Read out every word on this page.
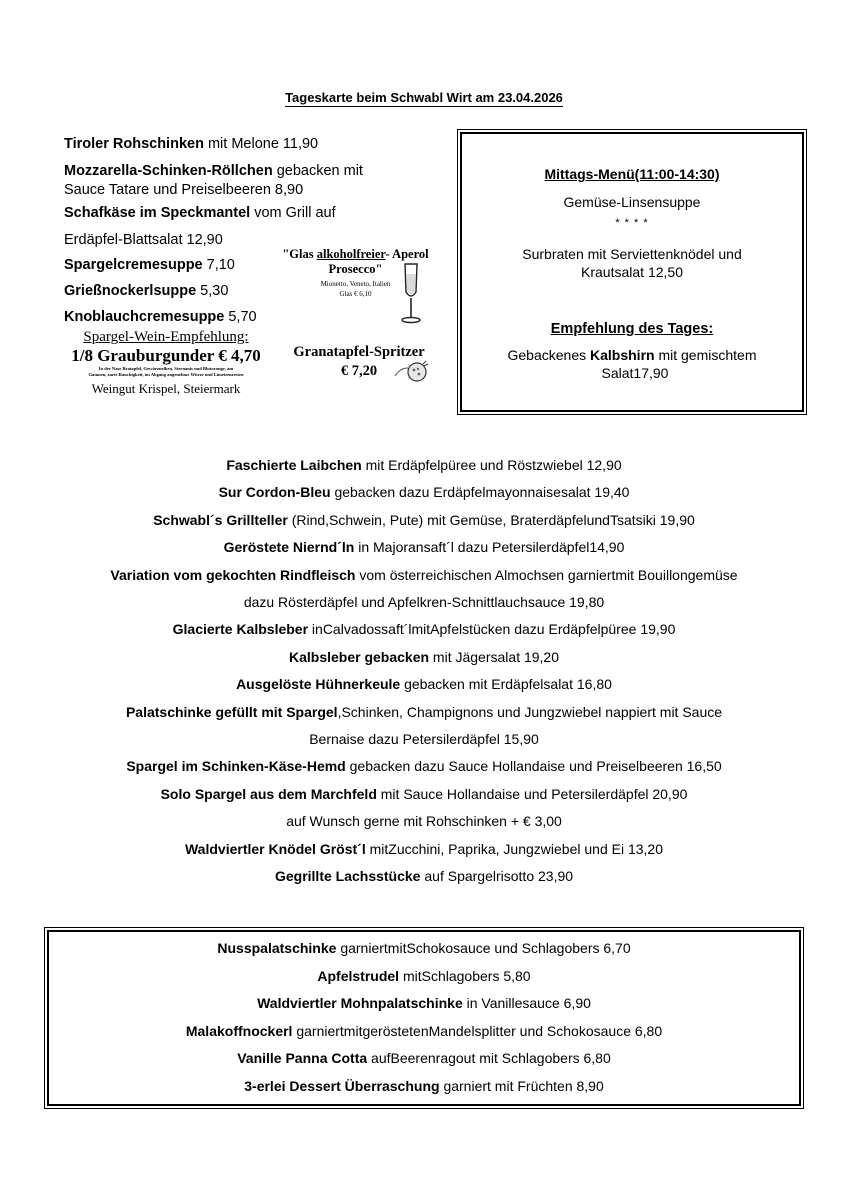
Tageskarte beim Schwabl Wirt am 23.04.2026
Tiroler Rohschinken mit Melone 11,90
Mozzarella-Schinken-Röllchen gebacken mit
Sauce Tatare und Preiselbeeren 8,90
Schafkäse im Speckmantel vom Grill auf
Erdäpfel-Blattsalat 12,90
Spargelcremesuppe 7,10
Grießnockerlsuppe 5,30
Knoblauchcremesuppe 5,70
"Glas alkoholfreier- Aperol
Prosecco"
Mionetto, Veneto, Italien
Glas € 6,10
Spargel-Wein-Empfehlung:
1/8 Grauburgunder € 4,70
In der Nase Bratapfel, Gewürznelken, Sternanis und Blutorange, am
Gaumen, zarte Rauchigkeit, im Abgang angenehme Würze und Limettenzesten
Weingut Krispel, Steiermark
Granatapfel-Spritzer
€ 7,20
Mittags-Menü(11:00-14:30)
Gemüse-Linsensuppe
* * * *
Surbraten mit Serviettenknödel und
Krautsalat 12,50
Empfehlung des Tages:
Gebackenes Kalbshirn mit gemischtem
Salat17,90
Faschierte Laibchen mit Erdäpfelpüree und Röstzwiebel 12,90
Sur Cordon-Bleu gebacken dazu Erdäpfelmayonnaisesalat 19,40
Schwabl´s Grillteller (Rind,Schwein, Pute) mit Gemüse, BraterdäpfelundTsatsiki 19,90
Geröstete Niernd´ln in Majoransaft´l dazu Petersilerdäpfel14,90
Variation vom gekochten Rindfleisch vom österreichischen Almochsen garniertmit Bouillongemüse
dazu Rösterdäpfel und Apfelkren-Schnittlauchsauce 19,80
Glacierte Kalbsleber inCalvadossaft´lmitApfelstücken dazu Erdäpfelpüree 19,90
Kalbsleber gebacken mit Jägersalat 19,20
Ausgelöste Hühnerkeule gebacken mit Erdäpfelsalat 16,80
Palatschinke gefüllt mit Spargel,Schinken, Champignons und Jungzwiebel nappiert mit Sauce
Bernaise dazu Petersilerdäpfel 15,90
Spargel im Schinken-Käse-Hemd gebacken dazu Sauce Hollandaise und Preiselbeeren 16,50
Solo Spargel aus dem Marchfeld mit Sauce Hollandaise und Petersilerdäpfel 20,90
auf Wunsch gerne mit Rohschinken + € 3,00
Waldviertler Knödel Gröst´l mitZucchini, Paprika, Jungzwiebel und Ei 13,20
Gegrillte Lachsstücke auf Spargelrisotto 23,90
Nusspalatschinke garniertmitSchokosauce und Schlagobers 6,70
Apfelstrudel mitSchlagobers 5,80
Waldviertler Mohnpalatschinke in Vanillesauce 6,90
Malakoffnockerl garniertmitgeröstetenMandelsplitter und Schokosauce 6,80
Vanille Panna Cotta aufBeerenragout mit Schlagobers 6,80
3-erlei Dessert Überraschung garniert mit Früchten 8,90
